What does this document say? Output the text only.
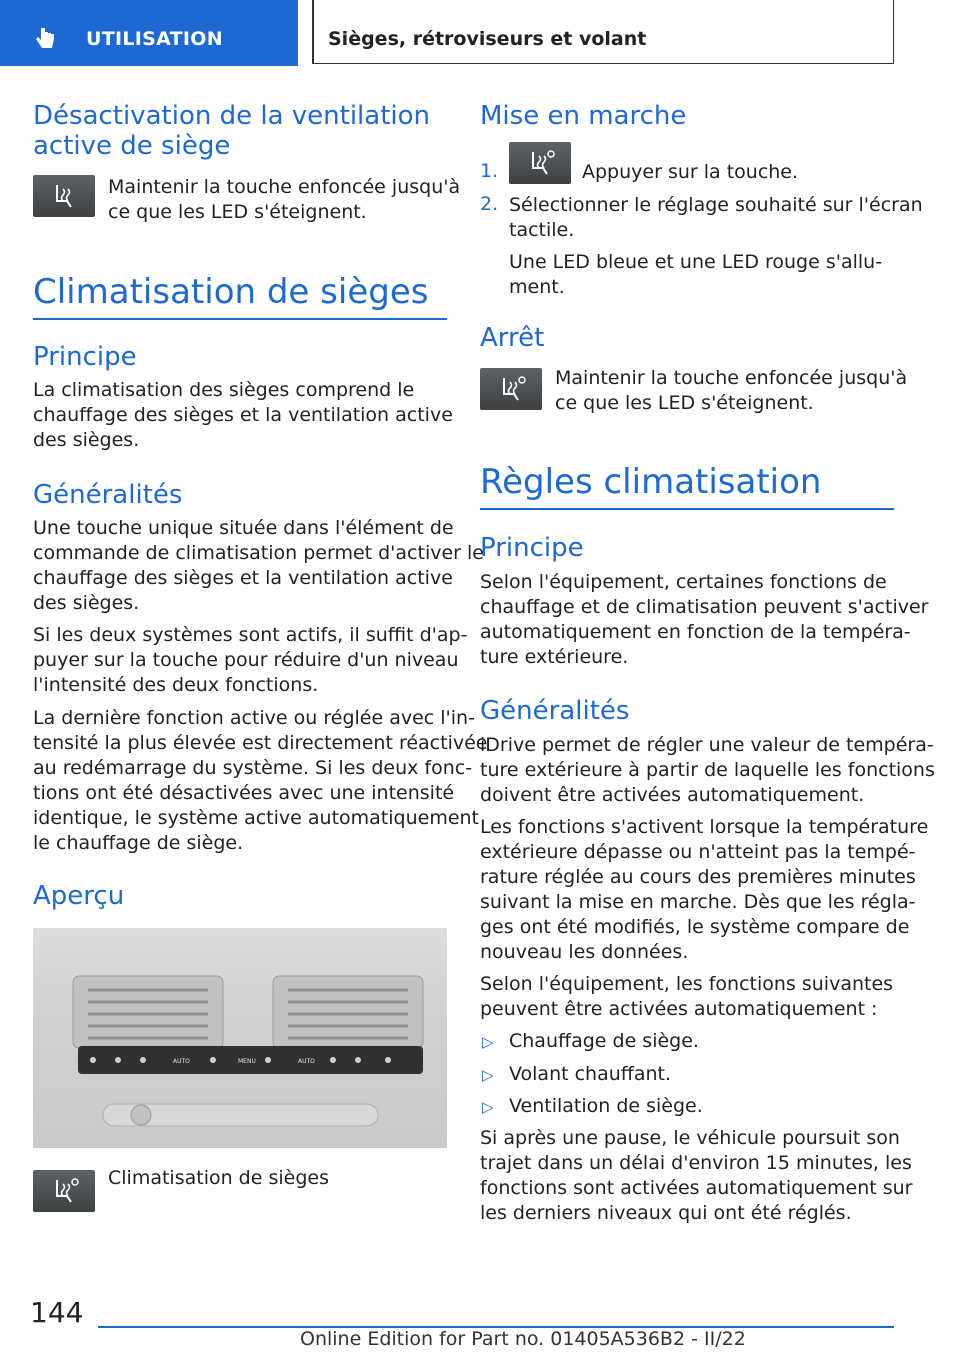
UTILISATION	Sièges, rétroviseurs et volant
Désactivation de la ventilation
active de siège
Maintenir la touche enfoncée jusqu'à
ce que les LED s'éteignent.
Climatisation de sièges
Principe
La climatisation des sièges comprend le
chauffage des sièges et la ventilation active
des sièges.
Généralités
Une touche unique située dans l'élément de
commande de climatisation permet d'activer le
chauffage des sièges et la ventilation active
des sièges.
Si les deux systèmes sont actifs, il suffit d'ap‐
puyer sur la touche pour réduire d'un niveau
l'intensité des deux fonctions.
La dernière fonction active ou réglée avec l'in‐
tensité la plus élevée est directement réactivée
au redémarrage du système. Si les deux fonc‐
tions ont été désactivées avec une intensité
identique, le système active automatiquement
le chauffage de siège.
Aperçu
AUTO	MENU	AUTO
Climatisation de sièges
Mise en marche
1.	Appuyer sur la touche.
2. Sélectionner le réglage souhaité sur l'écran
tactile.
Une LED bleue et une LED rouge s'allu‐
ment.
Arrêt
Maintenir la touche enfoncée jusqu'à
ce que les LED s'éteignent.
Règles climatisation
Principe
Selon l'équipement, certaines fonctions de
chauffage et de climatisation peuvent s'activer
automatiquement en fonction de la tempéra‐
ture extérieure.
Généralités
iDrive permet de régler une valeur de tempéra‐
ture extérieure à partir de laquelle les fonctions
doivent être activées automatiquement.
Les fonctions s'activent lorsque la température
extérieure dépasse ou n'atteint pas la tempé‐
rature réglée au cours des premières minutes
suivant la mise en marche. Dès que les régla‐
ges ont été modifiés, le système compare de
nouveau les données.
Selon l'équipement, les fonctions suivantes
peuvent être activées automatiquement :
▷ Chauffage de siège.
▷ Volant chauffant.
▷ Ventilation de siège.
Si après une pause, le véhicule poursuit son
trajet dans un délai d'environ 15 minutes, les
fonctions sont activées automatiquement sur
les derniers niveaux qui ont été réglés.
144
Online Edition for Part no. 01405A536B2 - II/22
